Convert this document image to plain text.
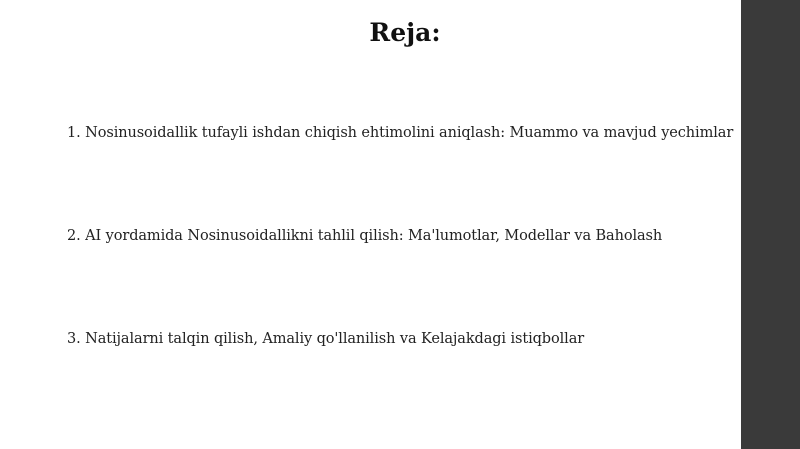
Reja:
1. Nosinusoidallik tufayli ishdan chiqish ehtimolini aniqlash: Muammo va mavjud yechimlar
2. AI yordamida Nosinusoidallikni tahlil qilish: Ma'lumotlar, Modellar va Baholash
3. Natijalarni talqin qilish, Amaliy qo'llanilish va Kelajakdagi istiqbollar
